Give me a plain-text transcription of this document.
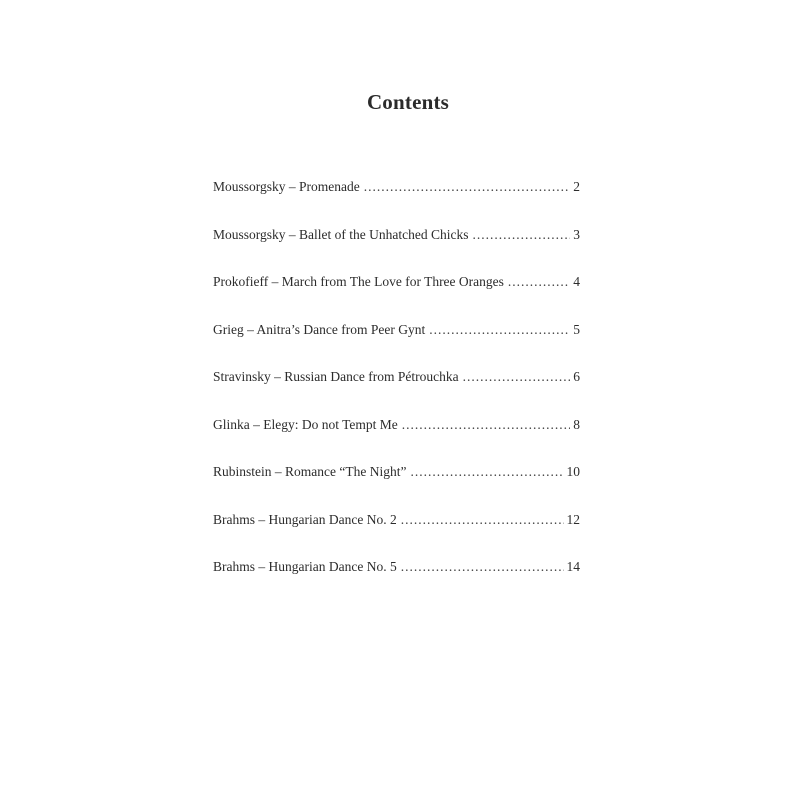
Contents
Moussorgsky – Promenade .....	2
Moussorgsky – Ballet of the Unhatched Chicks .....	3
Prokofieff – March from The Love for Three Oranges .....	4
Grieg – Anitra’s Dance from Peer Gynt .....	5
Stravinsky – Russian Dance from Pétrouchka .....	6
Glinka – Elegy: Do not Tempt Me .....	8
Rubinstein – Romance “The Night” .....	10
Brahms – Hungarian Dance No. 2 .....	12
Brahms – Hungarian Dance No. 5 .....	14
